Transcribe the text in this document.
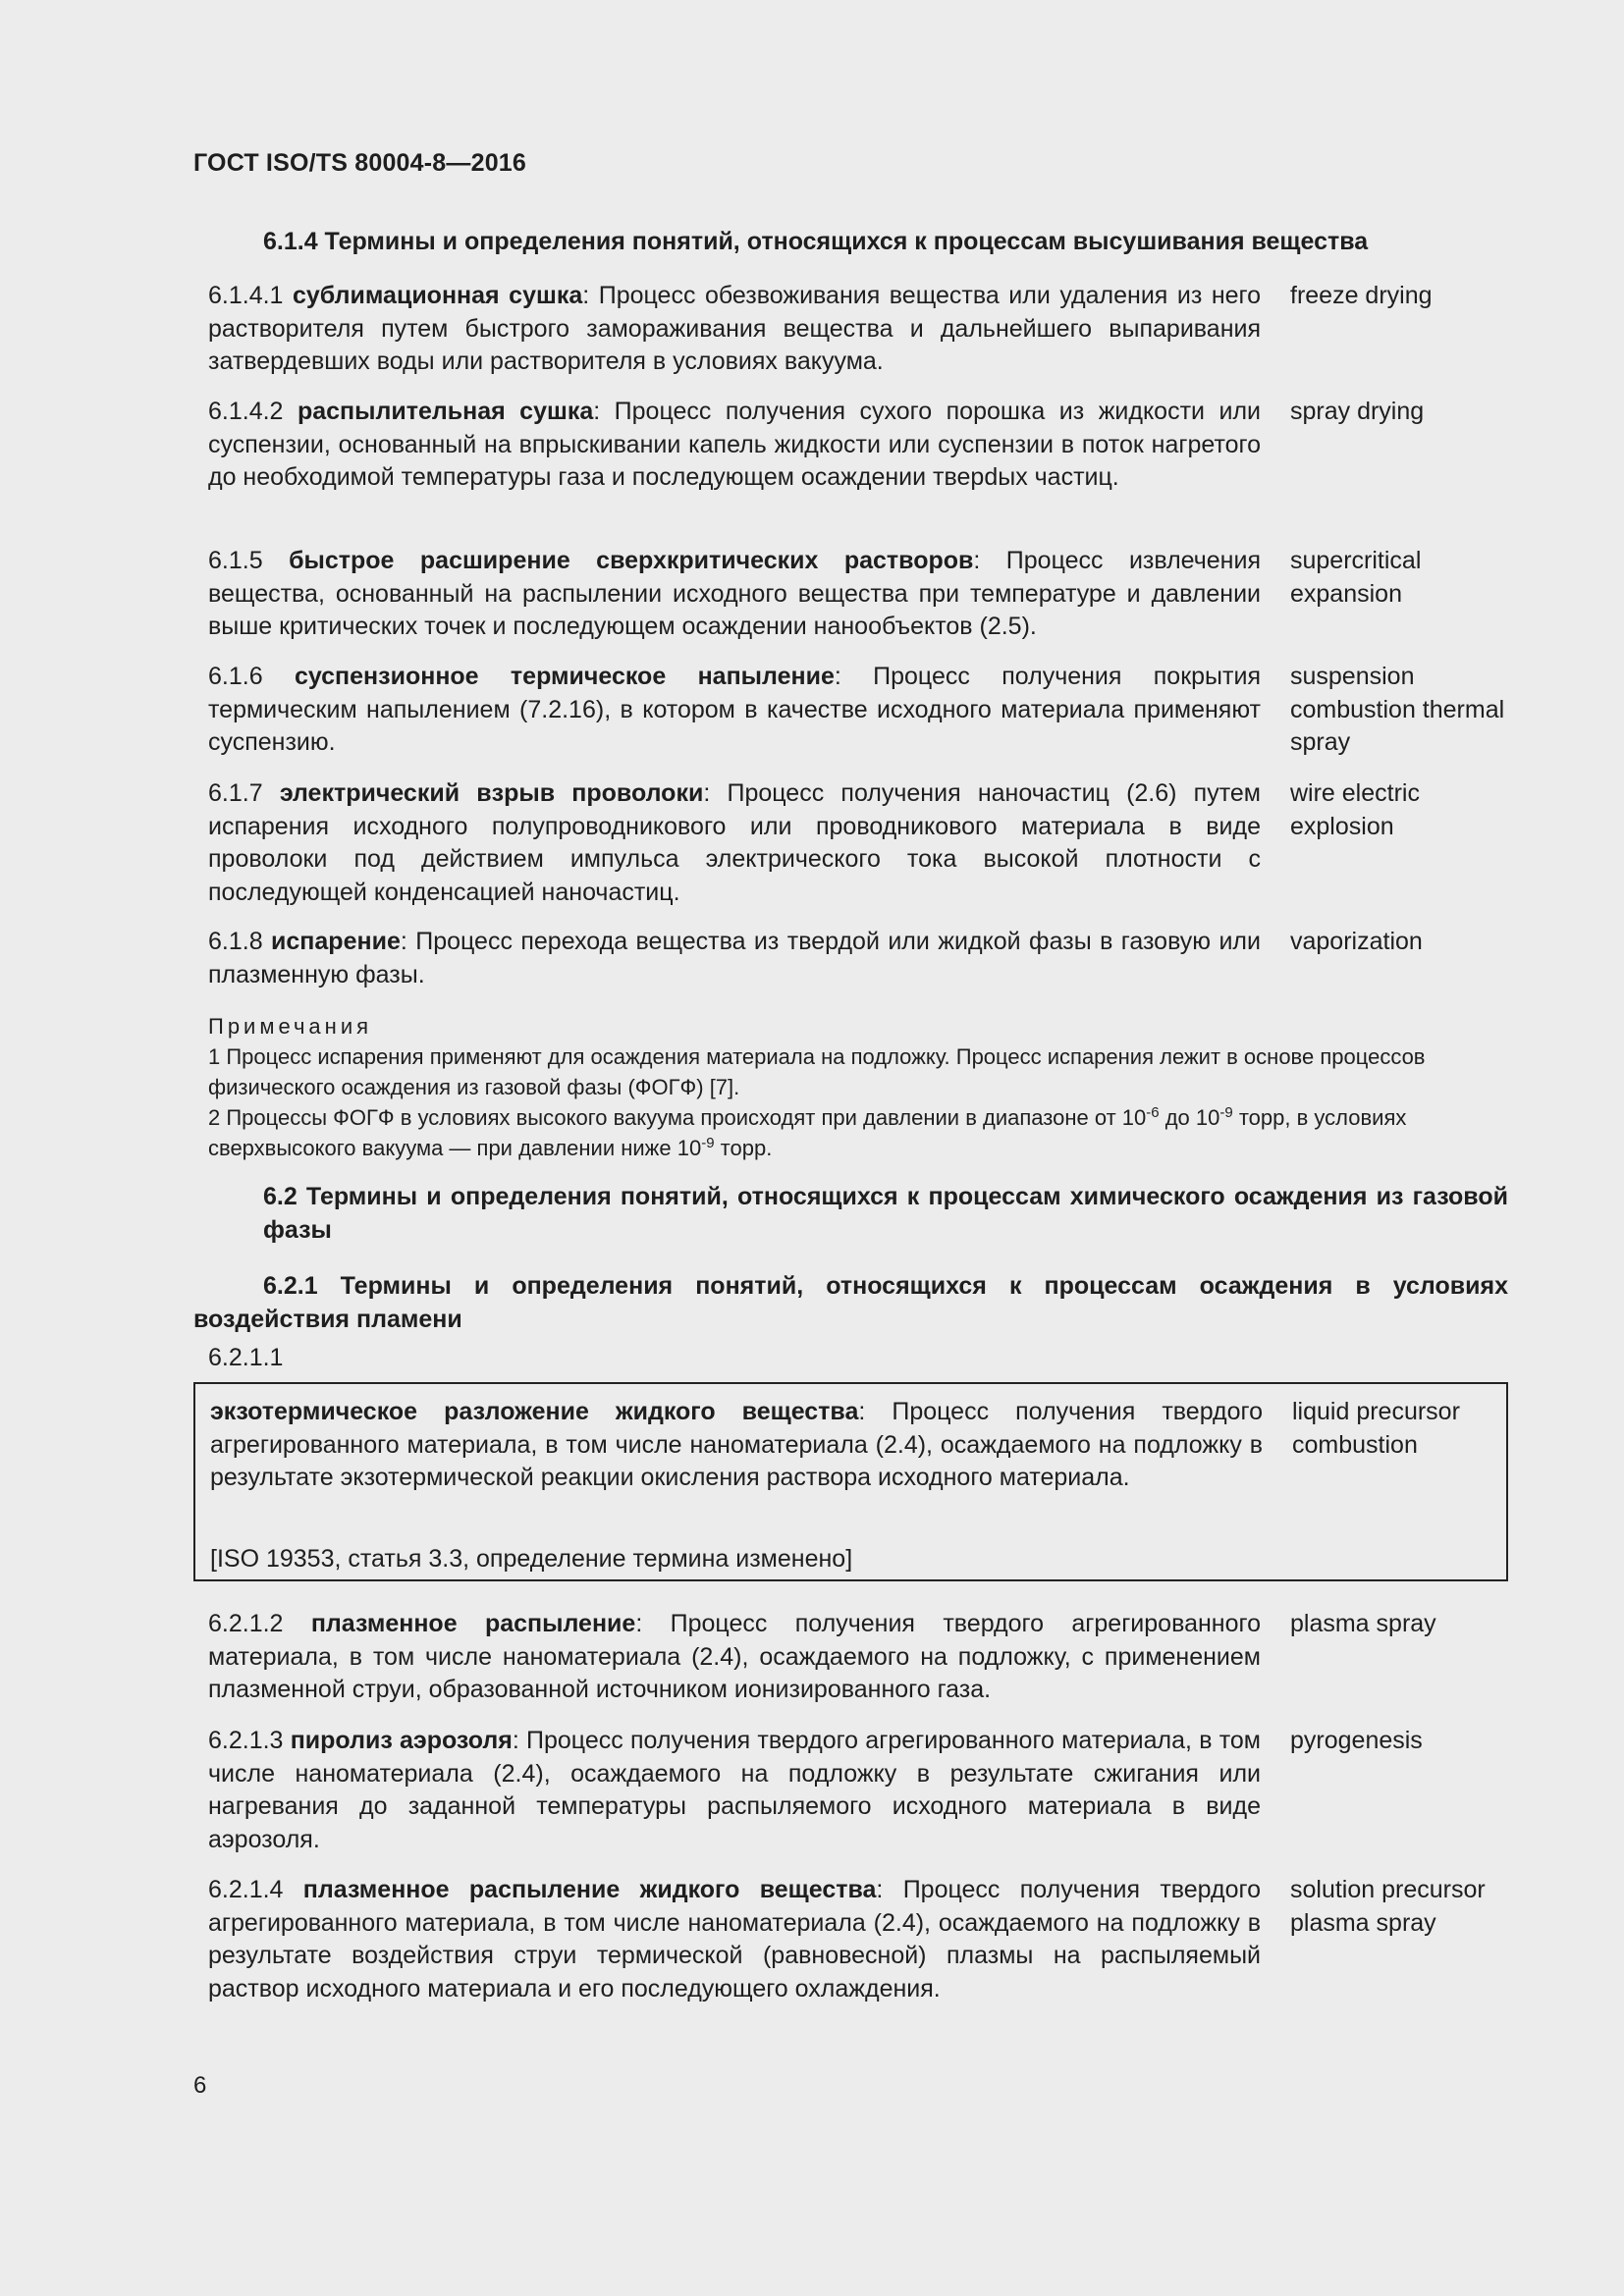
ГОСТ ISO/TS 80004-8—2016
6.1.4 Термины и определения понятий, относящихся к процессам высушивания вещества
6.1.4.1 сублимационная сушка: Процесс обезвоживания вещества или удаления из него растворителя путем быстрого замораживания вещества и дальнейшего выпаривания затвердевших воды или растворителя в условиях вакуума.
freeze drying
6.1.4.2 распылительная сушка: Процесс получения сухого порошка из жидкости или суспензии, основанный на впрыскивании капель жидкости или суспензии в поток нагретого до необходимой температуры газа и последующем осаждении тверdых частиц.
spray drying
6.1.5 быстрое расширение сверхкритических растворов: Процесс извлечения вещества, основанный на распылении исходного вещества при температуре и давлении выше критических точек и последующем осаждении нанообъектов (2.5).
supercritical expansion
6.1.6 суспензионное термическое напыление: Процесс получения покрытия термическим напылением (7.2.16), в котором в качестве исходного материала применяют суспензию.
suspension combustion thermal spray
6.1.7 электрический взрыв проволоки: Процесс получения наночастиц (2.6) путем испарения исходного полупроводникового или проводникового материала в виде проволоки под действием импульса электрического тока высокой плотности с последующей конденсацией наночастиц.
wire electric explosion
6.1.8 испарение: Процесс перехода вещества из твердой или жидкой фазы в газовую или плазменную фазы.
vaporization

Примечания

1 Процесс испарения применяют для осаждения материала на подложку. Процесс испарения лежит в основе процессов физического осаждения из газовой фазы (ФОГФ) [7].

2 Процессы ФОГФ в условиях высокого вакуума происходят при давлении в диапазоне от $10^{-6}$ до $10^{-9}$ торр, в условиях сверхвысокого вакуума — при давлении ниже $10^{-9}$ торр.

6.2 Термины и определения понятий, относящихся к процессам химического осаждения из газовой фазы
6.2.1 Термины и определения понятий, относящихся к процессам осаждения в условиях воздействия пламени
6.2.1.1
экзотермическое разложение жидкого вещества: Процесс получения твердого агрегированного материала, в том числе наноматериала (2.4), осаждаемого на подложку в результате экзотермической реакции окисления раствора исходного материала.
liquid precursor combustion
[ISO 19353, статья 3.3, определение термина изменено]
6.2.1.2 плазменное распыление: Процесс получения твердого агрегированного материала, в том числе наноматериала (2.4), осаждаемого на подложку, с применением плазменной струи, образованной источником ионизированного газа.
plasma spray
6.2.1.3 пиролиз аэрозоля: Процесс получения твердого агрегированного материала, в том числе наноматериала (2.4), осаждаемого на подложку в результате сжигания или нагревания до заданной температуры распыляемого исходного материала в виде аэрозоля.
pyrogenesis
6.2.1.4 плазменное распыление жидкого вещества: Процесс получения твердого агрегированного материала, в том числе наноматериала (2.4), осаждаемого на подложку в результате воздействия струи термической (равновесной) плазмы на распыляемый раствор исходного материала и его последующего охлаждения.
solution precursor plasma spray
6
